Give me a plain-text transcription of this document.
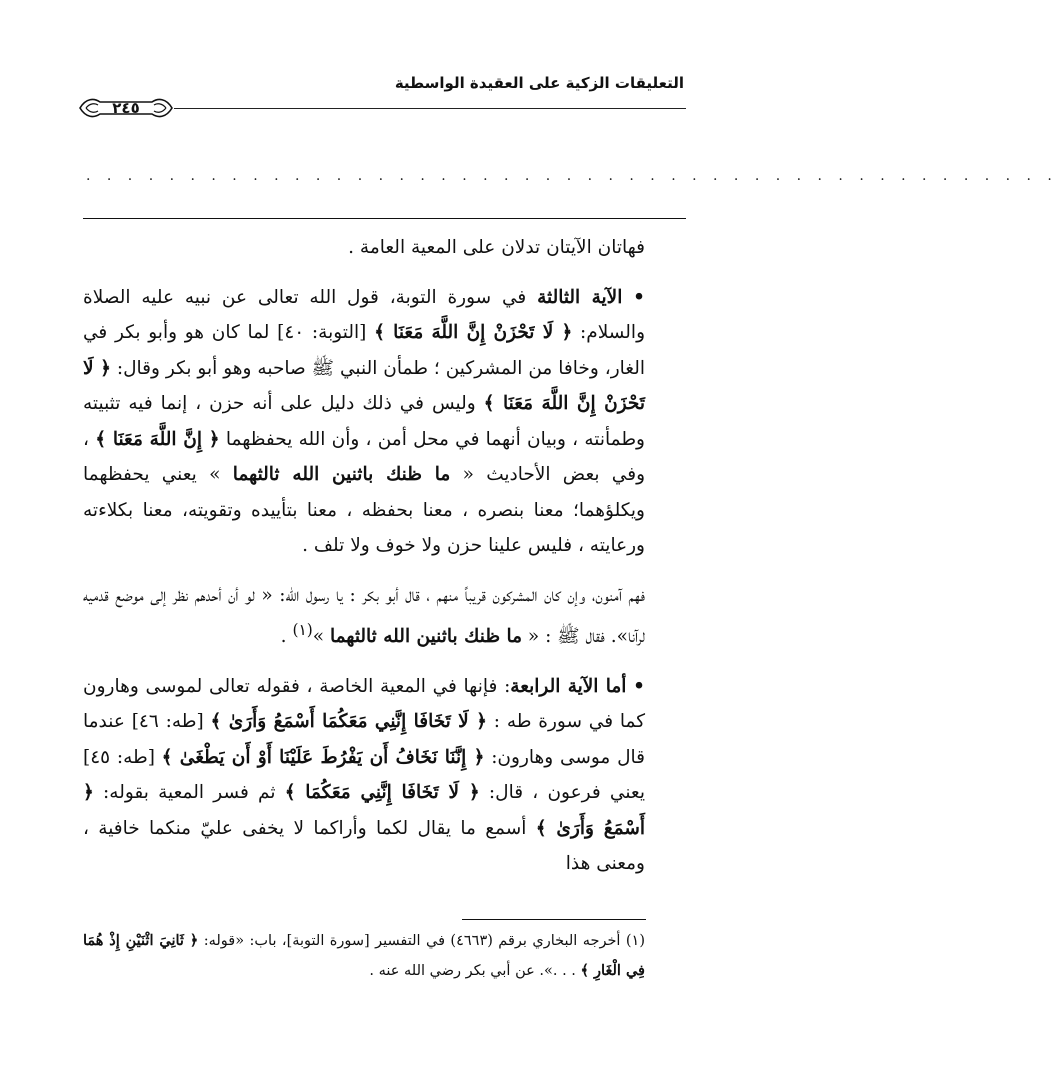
التعليقات الزكية على العقيدة الواسطية
٢٤٥
. . . . . . . . . . . . . . . . . . . . . . . . . . . . . . . . . . . . . . . . . . . . . . .

فهاتان الآيتان تدلان على المعية العامة .

• الآية الثالثة في سورة التوبة، قول الله تعالى عن نبيه عليه الصلاة والسلام: ﴿ لَا تَحْزَنْ إِنَّ اللَّهَ مَعَنَا ﴾ [التوبة: ٤٠] لما كان هو وأبو بكر في الغار، وخافا من المشركين ؛ طمأن النبي ﷺ صاحبه وهو أبو بكر وقال: ﴿ لَا تَحْزَنْ إِنَّ اللَّهَ مَعَنَا ﴾ وليس في ذلك دليل على أنه حزن ، إنما فيه تثبيته وطمأنته ، وبيان أنهما في محل أمن ، وأن الله يحفظهما ﴿ إِنَّ اللَّهَ مَعَنَا ﴾ ، وفي بعض الأحاديث « ما ظنك باثنين الله ثالثهما » يعني يحفظهما ويكلؤهما؛ معنا بنصره ، معنا بحفظه ، معنا بتأييده وتقويته، معنا بكلاءته ورعايته ، فليس علينا حزن ولا خوف ولا تلف .

فهم آمنون، وإن كان المشركون قريباً منهم ، قال أبو بكر : يا رسول الله: « لو أن أحدهم نظر إلى موضع قدميه لرآنا». فقال ﷺ : « ما ظنك باثنين الله ثالثهما »$^{(١)}$ .

• أما الآية الرابعة: فإنها في المعية الخاصة ، فقوله تعالى لموسى وهارون كما في سورة طه : ﴿ لَا تَخَافَا إِنَّنِي مَعَكُمَا أَسْمَعُ وَأَرَىٰ ﴾ [طه: ٤٦] عندما قال موسى وهارون: ﴿ إِنَّنَا نَخَافُ أَن يَفْرُطَ عَلَيْنَا أَوْ أَن يَطْغَىٰ ﴾ [طه: ٤٥] يعني فرعون ، قال: ﴿ لَا تَخَافَا إِنَّنِي مَعَكُمَا ﴾ ثم فسر المعية بقوله: ﴿ أَسْمَعُ وَأَرَىٰ ﴾ أسمع ما يقال لكما وأراكما لا يخفى عليّ منكما خافية ، ومعنى هذا

(١) أخرجه البخاري برقم (٤٦٦٣) في التفسير [سورة التوبة]، باب: «قوله: ﴿ ثَانِيَ اثْنَيْنِ إِذْ هُمَا فِي الْغَارِ ﴾ . . .». عن أبي بكر رضي الله عنه .
